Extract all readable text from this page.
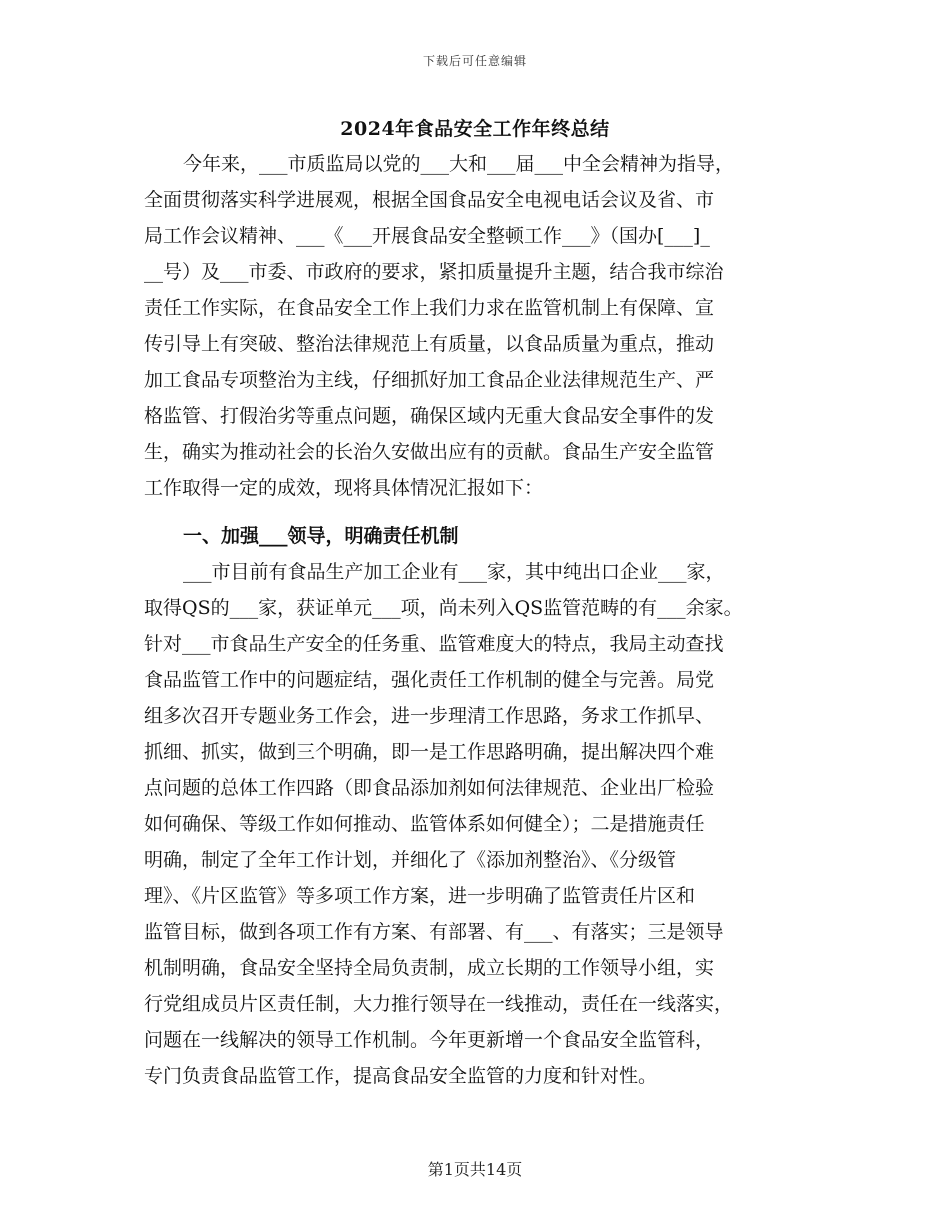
下载后可任意编辑
2024年食品安全工作年终总结
今年来，___市质监局以党的___大和___届___中全会精神为指导，
全面贯彻落实科学进展观，根据全国食品安全电视电话会议及省、市
局工作会议精神、___《___开展食品安全整顿工作___》（国办[___]_
__号）及___市委、市政府的要求，紧扣质量提升主题，结合我市综治
责任工作实际，在食品安全工作上我们力求在监管机制上有保障、宣
传引导上有突破、整治法律规范上有质量，以食品质量为重点，推动
加工食品专项整治为主线，仔细抓好加工食品企业法律规范生产、严
格监管、打假治劣等重点问题，确保区域内无重大食品安全事件的发
生，确实为推动社会的长治久安做出应有的贡献。食品生产安全监管
工作取得一定的成效，现将具体情况汇报如下：
一、加强___领导，明确责任机制
___市目前有食品生产加工企业有___家，其中纯出口企业___家，
取得QS的___家，获证单元___项，尚未列入QS监管范畴的有___余家。
针对___市食品生产安全的任务重、监管难度大的特点，我局主动查找
食品监管工作中的问题症结，强化责任工作机制的健全与完善。局党
组多次召开专题业务工作会，进一步理清工作思路，务求工作抓早、
抓细、抓实，做到三个明确，即一是工作思路明确，提出解决四个难
点问题的总体工作四路（即食品添加剂如何法律规范、企业出厂检验
如何确保、等级工作如何推动、监管体系如何健全）；二是措施责任
明确，制定了全年工作计划，并细化了《添加剂整治》、《分级管
理》、《片区监管》等多项工作方案，进一步明确了监管责任片区和
监管目标，做到各项工作有方案、有部署、有___、有落实；三是领导
机制明确，食品安全坚持全局负责制，成立长期的工作领导小组，实
行党组成员片区责任制，大力推行领导在一线推动，责任在一线落实，
问题在一线解决的领导工作机制。今年更新增一个食品安全监管科，
专门负责食品监管工作，提高食品安全监管的力度和针对性。
第1页共14页
